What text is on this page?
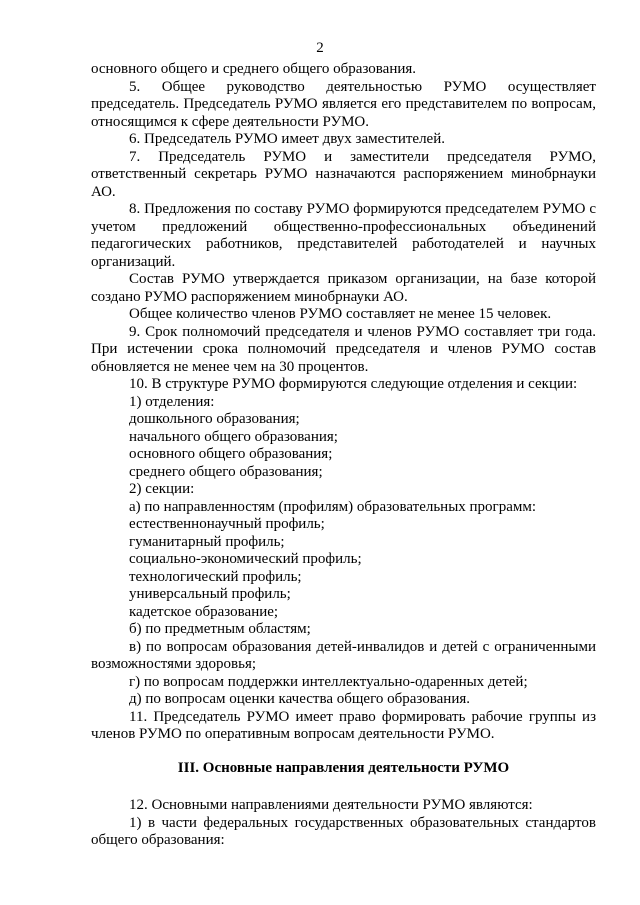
2

основного общего и среднего общего образования.

5. Общее руководство деятельностью РУМО осуществляет председатель. Председатель РУМО является его представителем по вопросам, относящимся к сфере деятельности РУМО.

6. Председатель РУМО имеет двух заместителей.

7. Председатель РУМО и заместители председателя РУМО, ответственный секретарь РУМО назначаются распоряжением минобрнауки АО.

8. Предложения по составу РУМО формируются председателем РУМО с учетом предложений общественно-профессиональных объединений педагогических работников, представителей работодателей и научных организаций.

Состав РУМО утверждается приказом организации, на базе которой создано РУМО распоряжением минобрнауки АО.

Общее количество членов РУМО составляет не менее 15 человек.

9. Срок полномочий председателя и членов РУМО составляет три года. При истечении срока полномочий председателя и членов РУМО состав обновляется не менее чем на 30 процентов.

10. В структуре РУМО формируются следующие отделения и секции:

1) отделения:

дошкольного образования;

начального общего образования;

основного общего образования;

среднего общего образования;

2) секции:

а) по направленностям (профилям) образовательных программ:

естественнонаучный профиль;

гуманитарный профиль;

социально-экономический профиль;

технологический профиль;

универсальный профиль;

кадетское образование;

б) по предметным областям;

в) по вопросам образования детей-инвалидов и детей с ограниченными возможностями здоровья;

г) по вопросам поддержки интеллектуально-одаренных детей;

д) по вопросам оценки качества общего образования.

11. Председатель РУМО имеет право формировать рабочие группы из членов РУМО по оперативным вопросам деятельности РУМО.

III. Основные направления деятельности РУМО

12. Основными направлениями деятельности РУМО являются:

1) в части федеральных государственных образовательных стандартов общего образования:
